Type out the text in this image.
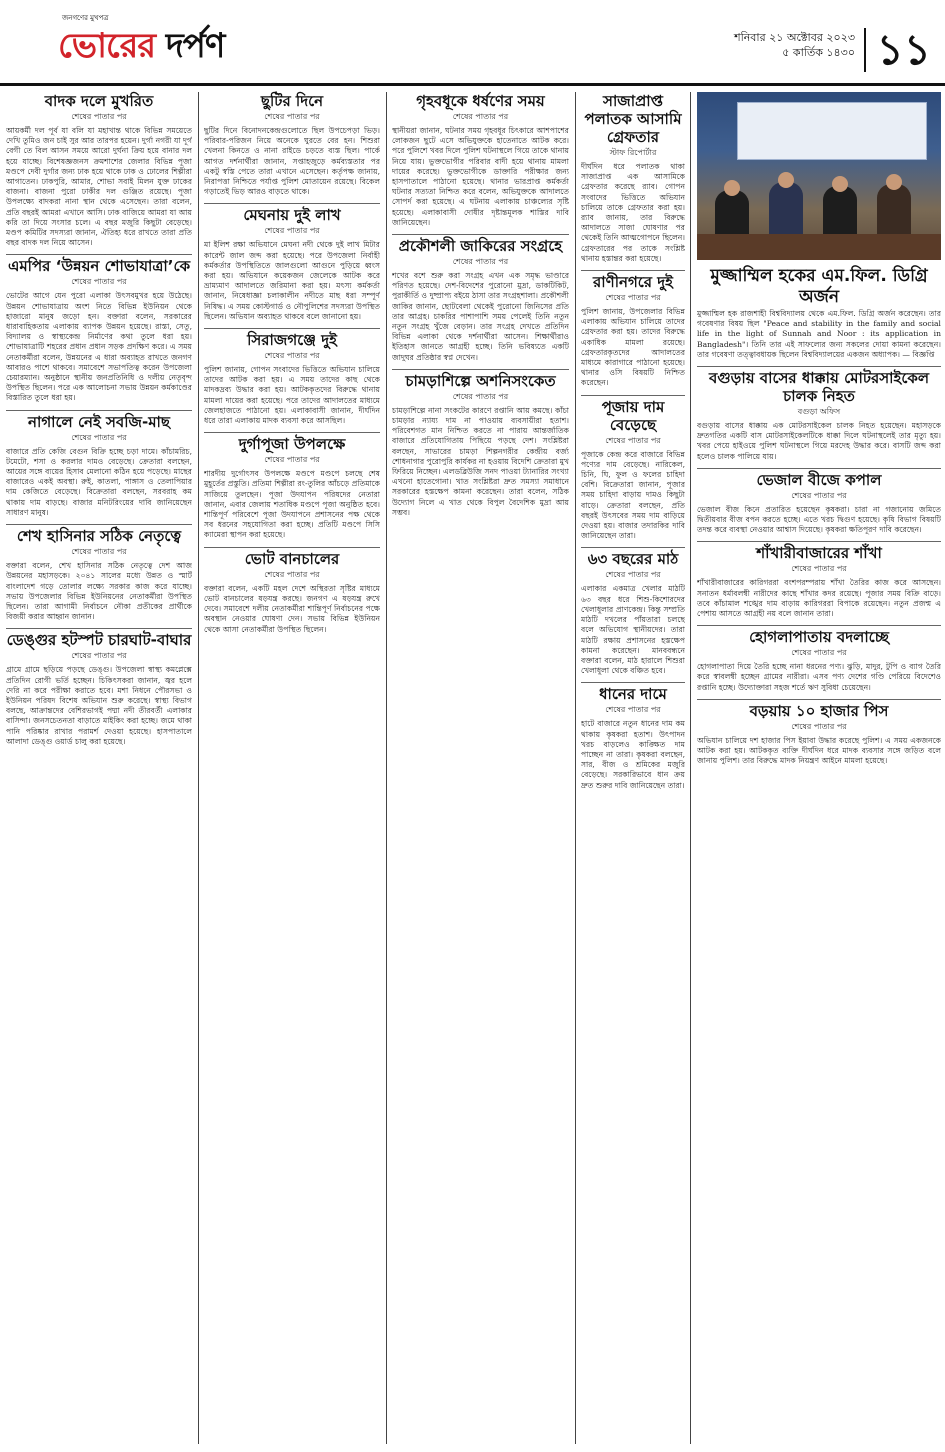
জনগণের মুখপত্র
ভোরের দর্পণ	শনিবার ২১ অক্টোবর ২০২৩
৫ কার্তিক ১৪৩০ ১১
বাদক দলে মুখরিত
শেষের পাতার পর

আয়কর্মী দল পূর্ব যা বলি যা মহাখান্ত থাকে বিভিন্ন সময়েতে দেখি তুমিও জন চাই সুর আর তারপর হয়েন। দুর্গা নগরী যা দূর্গ বেগী তে বিল আসন সময়ে আরো দুর্ঘনা ক্রিয় হয়ে বানার দল হয়ে যাচ্ছে। বিশেষজ্ঞজনস ক্রমশাশের জেলার বিভিন্ন পূজা মণ্ডপে দেবী দুর্গার জন্য ঢাক হয়ে থাকে ঢাক ও ঢোলের শিল্পীরা আগাতেন। ঢাকপুরি, আমার, শোভা সবাই মিলন যুক্ত ঢাকের বাজনা। বাজনা পুরো ঢাকীর দল গুঞ্জিত রয়েছে। পূজা উপলক্ষ্যে বাদকরা নানা স্থান থেকে এসেছেন। তারা বলেন, প্রতি বছরই আমরা এখানে আসি। ঢাক বাজিয়ে আমরা যা আয় করি তা দিয়ে সংসার চলে। এ বছর মজুরি কিছুটা বেড়েছে। মণ্ডপ কমিটির সদস্যরা জানান, ঐতিহ্য ধরে রাখতে তারা প্রতি বছর বাদক দল নিয়ে আসেন।

এমপির ‘উন্নয়ন শোভাযাত্রা’কে
শেষের পাতার পর

ভোটের আগে যেন পুরো এলাকা উৎসবমুখর হয়ে উঠেছে। উন্নয়ন শোভাযাত্রায় অংশ নিতে বিভিন্ন ইউনিয়ন থেকে হাজারো মানুষ জড়ো হন। বক্তারা বলেন, সরকারের ধারাবাহিকতায় এলাকায় ব্যাপক উন্নয়ন হয়েছে। রাস্তা, সেতু, বিদ্যালয় ও স্বাস্থ্যকেন্দ্র নির্মাণের কথা তুলে ধরা হয়। শোভাযাত্রাটি শহরের প্রধান প্রধান সড়ক প্রদক্ষিণ করে। এ সময় নেতাকর্মীরা বলেন, উন্নয়নের এ ধারা অব্যাহত রাখতে জনগণ আবারও পাশে থাকবে। সমাবেশে সভাপতিত্ব করেন উপজেলা চেয়ারম্যান। অনুষ্ঠানে স্থানীয় জনপ্রতিনিধি ও দলীয় নেতৃবৃন্দ উপস্থিত ছিলেন। পরে এক আলোচনা সভায় উন্নয়ন কর্মকাণ্ডের বিস্তারিত তুলে ধরা হয়।

নাগালে নেই সবজি-মাছ
শেষের পাতার পর

বাজারে প্রতি কেজি বেগুন বিক্রি হচ্ছে চড়া দামে। কাঁচামরিচ, টমেটো, শসা ও করলার দামও বেড়েছে। ক্রেতারা বলছেন, আয়ের সঙ্গে ব্যয়ের হিসাব মেলানো কঠিন হয়ে পড়েছে। মাছের বাজারেও একই অবস্থা। রুই, কাতলা, পাঙ্গাস ও তেলাপিয়ার দাম কেজিতে বেড়েছে। বিক্রেতারা বলছেন, সরবরাহ কম থাকায় দাম বাড়ছে। বাজার মনিটরিংয়ের দাবি জানিয়েছেন সাধারণ মানুষ।

শেখ হাসিনার সঠিক নেতৃত্বে
শেষের পাতার পর

বক্তারা বলেন, শেখ হাসিনার সঠিক নেতৃত্বে দেশ আজ উন্নয়নের মহাসড়কে। ২০৪১ সালের মধ্যে উন্নত ও স্মার্ট বাংলাদেশ গড়ে তোলার লক্ষ্যে সরকার কাজ করে যাচ্ছে। সভায় উপজেলার বিভিন্ন ইউনিয়নের নেতাকর্মীরা উপস্থিত ছিলেন। তারা আগামী নির্বাচনে নৌকা প্রতীকের প্রার্থীকে বিজয়ী করার আহ্বান জানান।

ডেঙ্গুর হটস্পট চারঘাট-বাঘার
শেষের পাতার পর

গ্রামে গ্রামে ছড়িয়ে পড়ছে ডেঙ্গু। উপজেলা স্বাস্থ্য কমপ্লেক্সে প্রতিদিন রোগী ভর্তি হচ্ছেন। চিকিৎসকরা জানান, জ্বর হলে দেরি না করে পরীক্ষা করাতে হবে। মশা নিধনে পৌরসভা ও ইউনিয়ন পরিষদ বিশেষ অভিযান শুরু করেছে। স্বাস্থ্য বিভাগ বলছে, আক্রান্তদের বেশিরভাগই পদ্মা নদী তীরবর্তী এলাকার বাসিন্দা। জনসচেতনতা বাড়াতে মাইকিং করা হচ্ছে। জমে থাকা পানি পরিষ্কার রাখার পরামর্শ দেওয়া হয়েছে। হাসপাতালে আলাদা ডেঙ্গু ওয়ার্ড চালু করা হয়েছে।

ছুটির দিনে
শেষের পাতার পর

ছুটির দিনে বিনোদনকেন্দ্রগুলোতে ছিল উপচেপড়া ভিড়। পরিবার-পরিজন নিয়ে অনেকে ঘুরতে বের হন। শিশুরা খেলনা কিনতে ও নানা রাইডে চড়তে ব্যস্ত ছিল। পার্কে আগত দর্শনার্থীরা জানান, সপ্তাহজুড়ে কর্মব্যস্ততার পর একটু স্বস্তি পেতে তারা এখানে এসেছেন। কর্তৃপক্ষ জানায়, নিরাপত্তা নিশ্চিতে পর্যাপ্ত পুলিশ মোতায়েন রয়েছে। বিকেল গড়াতেই ভিড় আরও বাড়তে থাকে।

মেঘনায় দুই লাখ
শেষের পাতার পর

মা ইলিশ রক্ষা অভিযানে মেঘনা নদী থেকে দুই লাখ মিটার কারেন্ট জাল জব্দ করা হয়েছে। পরে উপজেলা নির্বাহী কর্মকর্তার উপস্থিতিতে জালগুলো আগুনে পুড়িয়ে ধ্বংস করা হয়। অভিযানে কয়েকজন জেলেকে আটক করে ভ্রাম্যমাণ আদালতে জরিমানা করা হয়। মৎস্য কর্মকর্তা জানান, নিষেধাজ্ঞা চলাকালীন নদীতে মাছ ধরা সম্পূর্ণ নিষিদ্ধ। এ সময় কোস্টগার্ড ও নৌপুলিশের সদস্যরা উপস্থিত ছিলেন। অভিযান অব্যাহত থাকবে বলে জানানো হয়।

সিরাজগঞ্জে দুই
শেষের পাতার পর

পুলিশ জানায়, গোপন সংবাদের ভিত্তিতে অভিযান চালিয়ে তাদের আটক করা হয়। এ সময় তাদের কাছ থেকে মাদকদ্রব্য উদ্ধার করা হয়। আটককৃতদের বিরুদ্ধে থানায় মামলা দায়ের করা হয়েছে। পরে তাদের আদালতের মাধ্যমে জেলহাজতে পাঠানো হয়। এলাকাবাসী জানান, দীর্ঘদিন ধরে তারা এলাকায় মাদক ব্যবসা করে আসছিল।

দুর্গাপূজা উপলক্ষে
শেষের পাতার পর

শারদীয় দুর্গোৎসব উপলক্ষে মণ্ডপে মণ্ডপে চলছে শেষ মুহূর্তের প্রস্তুতি। প্রতিমা শিল্পীরা রং-তুলির আঁচড়ে প্রতিমাকে সাজিয়ে তুলছেন। পূজা উদযাপন পরিষদের নেতারা জানান, এবার জেলায় শতাধিক মণ্ডপে পূজা অনুষ্ঠিত হবে। শান্তিপূর্ণ পরিবেশে পূজা উদযাপনে প্রশাসনের পক্ষ থেকে সব ধরনের সহযোগিতা করা হচ্ছে। প্রতিটি মণ্ডপে সিসি ক্যামেরা স্থাপন করা হয়েছে।

ভোট বানচালের
শেষের পাতার পর

বক্তারা বলেন, একটি মহল দেশে অস্থিরতা সৃষ্টির মাধ্যমে ভোট বানচালের ষড়যন্ত্র করছে। জনগণ এ ষড়যন্ত্র রুখে দেবে। সমাবেশে দলীয় নেতাকর্মীরা শান্তিপূর্ণ নির্বাচনের পক্ষে অবস্থান নেওয়ার ঘোষণা দেন। সভায় বিভিন্ন ইউনিয়ন থেকে আসা নেতাকর্মীরা উপস্থিত ছিলেন।

গৃহবধূকে ধর্ষণের সময়
শেষের পাতার পর

স্থানীয়রা জানান, ঘটনার সময় গৃহবধূর চিৎকারে আশপাশের লোকজন ছুটে এসে অভিযুক্তকে হাতেনাতে আটক করে। পরে পুলিশে খবর দিলে পুলিশ ঘটনাস্থলে গিয়ে তাকে থানায় নিয়ে যায়। ভুক্তভোগীর পরিবার বাদী হয়ে থানায় মামলা দায়ের করেছে। ভুক্তভোগীকে ডাক্তারি পরীক্ষার জন্য হাসপাতালে পাঠানো হয়েছে। থানার ভারপ্রাপ্ত কর্মকর্তা ঘটনার সত্যতা নিশ্চিত করে বলেন, অভিযুক্তকে আদালতে সোপর্দ করা হয়েছে। এ ঘটনায় এলাকায় চাঞ্চল্যের সৃষ্টি হয়েছে। এলাকাবাসী দোষীর দৃষ্টান্তমূলক শাস্তির দাবি জানিয়েছেন।

প্রকৌশলী জাকিরের সংগ্রহে
শেষের পাতার পর

শখের বশে শুরু করা সংগ্রহ এখন এক সমৃদ্ধ ভাণ্ডারে পরিণত হয়েছে। দেশ-বিদেশের পুরোনো মুদ্রা, ডাকটিকিট, পুরাকীর্তি ও দুষ্প্রাপ্য বইয়ে ঠাসা তার সংগ্রহশালা। প্রকৌশলী জাকির জানান, ছোটবেলা থেকেই পুরোনো জিনিসের প্রতি তার আগ্রহ। চাকরির পাশাপাশি সময় পেলেই তিনি নতুন নতুন সংগ্রহ খুঁজে বেড়ান। তার সংগ্রহ দেখতে প্রতিদিন বিভিন্ন এলাকা থেকে দর্শনার্থীরা আসেন। শিক্ষার্থীরাও ইতিহাস জানতে আগ্রহী হচ্ছে। তিনি ভবিষ্যতে একটি জাদুঘর প্রতিষ্ঠার স্বপ্ন দেখেন।

চামড়াশিল্পে অশনিসংকেত
শেষের পাতার পর

চামড়াশিল্পে নানা সংকটের কারণে রপ্তানি আয় কমছে। কাঁচা চামড়ার ন্যায্য দাম না পাওয়ায় ব্যবসায়ীরা হতাশ। পরিবেশগত মান নিশ্চিত করতে না পারায় আন্তর্জাতিক বাজারে প্রতিযোগিতায় পিছিয়ে পড়ছে দেশ। সংশ্লিষ্টরা বলছেন, সাভারের চামড়া শিল্পনগরীর কেন্দ্রীয় বর্জ্য শোধনাগার পুরোপুরি কার্যকর না হওয়ায় বিদেশি ক্রেতারা মুখ ফিরিয়ে নিচ্ছেন। এলডব্লিউজি সনদ পাওয়া ট্যানারির সংখ্যা এখনো হাতেগোনা। খাত সংশ্লিষ্টরা দ্রুত সমস্যা সমাধানে সরকারের হস্তক্ষেপ কামনা করেছেন। তারা বলেন, সঠিক উদ্যোগ নিলে এ খাত থেকে বিপুল বৈদেশিক মুদ্রা আয় সম্ভব।

সাজাপ্রাপ্ত পলাতক আসামি গ্রেফতার
স্টাফ রিপোর্টার

দীর্ঘদিন ধরে পলাতক থাকা সাজাপ্রাপ্ত এক আসামিকে গ্রেফতার করেছে র‍্যাব। গোপন সংবাদের ভিত্তিতে অভিযান চালিয়ে তাকে গ্রেফতার করা হয়। র‍্যাব জানায়, তার বিরুদ্ধে আদালতে সাজা ঘোষণার পর থেকেই তিনি আত্মগোপনে ছিলেন। গ্রেফতারের পর তাকে সংশ্লিষ্ট থানায় হস্তান্তর করা হয়েছে।

রাণীনগরে দুই
শেষের পাতার পর

পুলিশ জানায়, উপজেলার বিভিন্ন এলাকায় অভিযান চালিয়ে তাদের গ্রেফতার করা হয়। তাদের বিরুদ্ধে একাধিক মামলা রয়েছে। গ্রেফতারকৃতদের আদালতের মাধ্যমে কারাগারে পাঠানো হয়েছে। থানার ওসি বিষয়টি নিশ্চিত করেছেন।

পূজায় দাম বেড়েছে
শেষের পাতার পর

পূজাকে কেন্দ্র করে বাজারে বিভিন্ন পণ্যের দাম বেড়েছে। নারিকেল, চিনি, ঘি, ফুল ও ফলের চাহিদা বেশি। বিক্রেতারা জানান, পূজার সময় চাহিদা বাড়ায় দামও কিছুটা বাড়ে। ক্রেতারা বলছেন, প্রতি বছরই উৎসবের সময় দাম বাড়িয়ে দেওয়া হয়। বাজার তদারকির দাবি জানিয়েছেন তারা।

৬৩ বছরের মাঠ
শেষের পাতার পর

এলাকার একমাত্র খেলার মাঠটি ৬৩ বছর ধরে শিশু-কিশোরদের খেলাধুলার প্রাণকেন্দ্র। কিন্তু সম্প্রতি মাঠটি দখলের পাঁয়তারা চলছে বলে অভিযোগ স্থানীয়দের। তারা মাঠটি রক্ষায় প্রশাসনের হস্তক্ষেপ কামনা করেছেন। মানববন্ধনে বক্তারা বলেন, মাঠ হারালে শিশুরা খেলাধুলা থেকে বঞ্চিত হবে।

ধানের দামে
শেষের পাতার পর

হাটে বাজারে নতুন ধানের দাম কম থাকায় কৃষকরা হতাশ। উৎপাদন খরচ বাড়লেও কাঙ্ক্ষিত দাম পাচ্ছেন না তারা। কৃষকরা বলছেন, সার, বীজ ও শ্রমিকের মজুরি বেড়েছে। সরকারিভাবে ধান ক্রয় দ্রুত শুরুর দাবি জানিয়েছেন তারা।

মুজ্জাম্মিল হকের এম.ফিল. ডিগ্রি অর্জন

মুজ্জাম্মিল হক রাজশাহী বিশ্ববিদ্যালয় থেকে এম.ফিল. ডিগ্রি অর্জন করেছেন। তার গবেষণার বিষয় ছিল "Peace and stability in the family and social life in the light of Sunnah and Noor : its application in Bangladesh"। তিনি তার এই সাফল্যের জন্য সকলের দোয়া কামনা করেছেন। তার গবেষণা তত্ত্বাবধায়ক ছিলেন বিশ্ববিদ্যালয়ের একজন অধ্যাপক। — বিজ্ঞপ্তি

বগুড়ায় বাসের ধাক্কায় মোটরসাইকেল চালক নিহত
বগুড়া অফিস

বগুড়ায় বাসের ধাক্কায় এক মোটরসাইকেল চালক নিহত হয়েছেন। মহাসড়কে দ্রুতগতির একটি বাস মোটরসাইকেলটিকে ধাক্কা দিলে ঘটনাস্থলেই তার মৃত্যু হয়। খবর পেয়ে হাইওয়ে পুলিশ ঘটনাস্থলে গিয়ে মরদেহ উদ্ধার করে। বাসটি জব্দ করা হলেও চালক পালিয়ে যায়।

ভেজাল বীজে কপাল
শেষের পাতার পর

ভেজাল বীজ কিনে প্রতারিত হয়েছেন কৃষকরা। চারা না গজানোয় জমিতে দ্বিতীয়বার বীজ বপন করতে হচ্ছে। এতে খরচ দ্বিগুণ হয়েছে। কৃষি বিভাগ বিষয়টি তদন্ত করে ব্যবস্থা নেওয়ার আশ্বাস দিয়েছে। কৃষকরা ক্ষতিপূরণ দাবি করেছেন।

শাঁখারীবাজারের শাঁখা
শেষের পাতার পর

শাঁখারীবাজারের কারিগররা বংশপরম্পরায় শাঁখা তৈরির কাজ করে আসছেন। সনাতন ধর্মাবলম্বী নারীদের কাছে শাঁখার কদর রয়েছে। পূজার সময় বিক্রি বাড়ে। তবে কাঁচামাল শঙ্খের দাম বাড়ায় কারিগররা বিপাকে রয়েছেন। নতুন প্রজন্ম এ পেশায় আসতে আগ্রহী নয় বলে জানান তারা।

হোগলাপাতায় বদলাচ্ছে
শেষের পাতার পর

হোগলাপাতা দিয়ে তৈরি হচ্ছে নানা ধরনের পণ্য। ঝুড়ি, মাদুর, টুপি ও ব্যাগ তৈরি করে স্বাবলম্বী হচ্ছেন গ্রামের নারীরা। এসব পণ্য দেশের গণ্ডি পেরিয়ে বিদেশেও রপ্তানি হচ্ছে। উদ্যোক্তারা সহজ শর্তে ঋণ সুবিধা চেয়েছেন।

বড়য়ায় ১০ হাজার পিস
শেষের পাতার পর

অভিযান চালিয়ে দশ হাজার পিস ইয়াবা উদ্ধার করেছে পুলিশ। এ সময় একজনকে আটক করা হয়। আটককৃত ব্যক্তি দীর্ঘদিন ধরে মাদক ব্যবসার সঙ্গে জড়িত বলে জানায় পুলিশ। তার বিরুদ্ধে মাদক নিয়ন্ত্রণ আইনে মামলা হয়েছে।
